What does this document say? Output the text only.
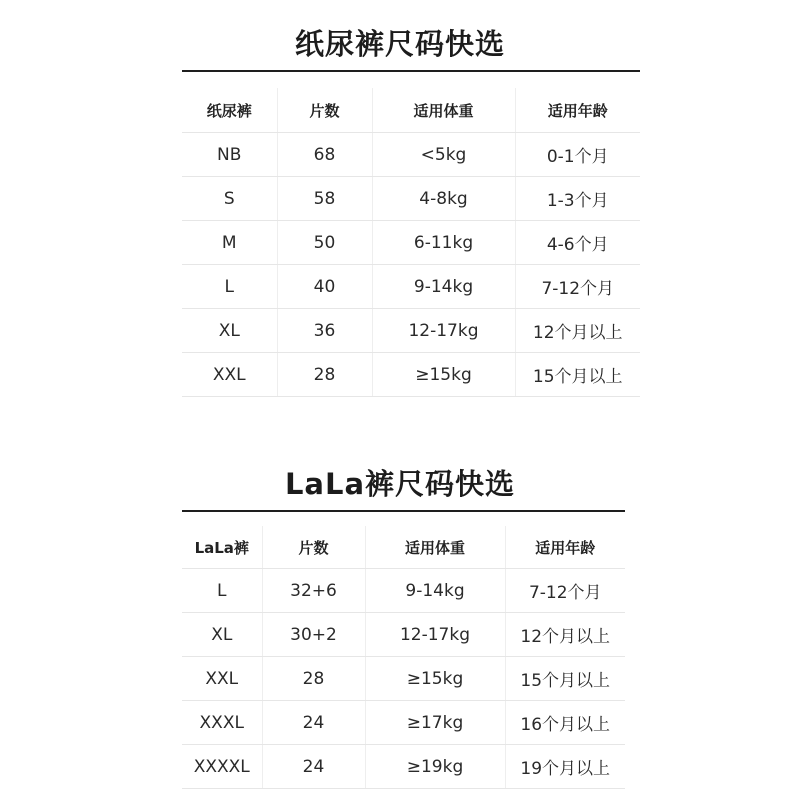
纸尿裤尺码快选
纸尿裤	片数	适用体重	适用年龄
NB	68	<5kg	0-1个月
S	58	4-8kg	1-3个月
M	50	6-11kg	4-6个月
L	40	9-14kg	7-12个月
XL	36	12-17kg	12个月以上
XXL	28	≥15kg	15个月以上
LaLa裤尺码快选
LaLa裤	片数	适用体重	适用年龄
L	32+6	9-14kg	7-12个月
XL	30+2	12-17kg	12个月以上
XXL	28	≥15kg	15个月以上
XXXL	24	≥17kg	16个月以上
XXXXL	24	≥19kg	19个月以上
